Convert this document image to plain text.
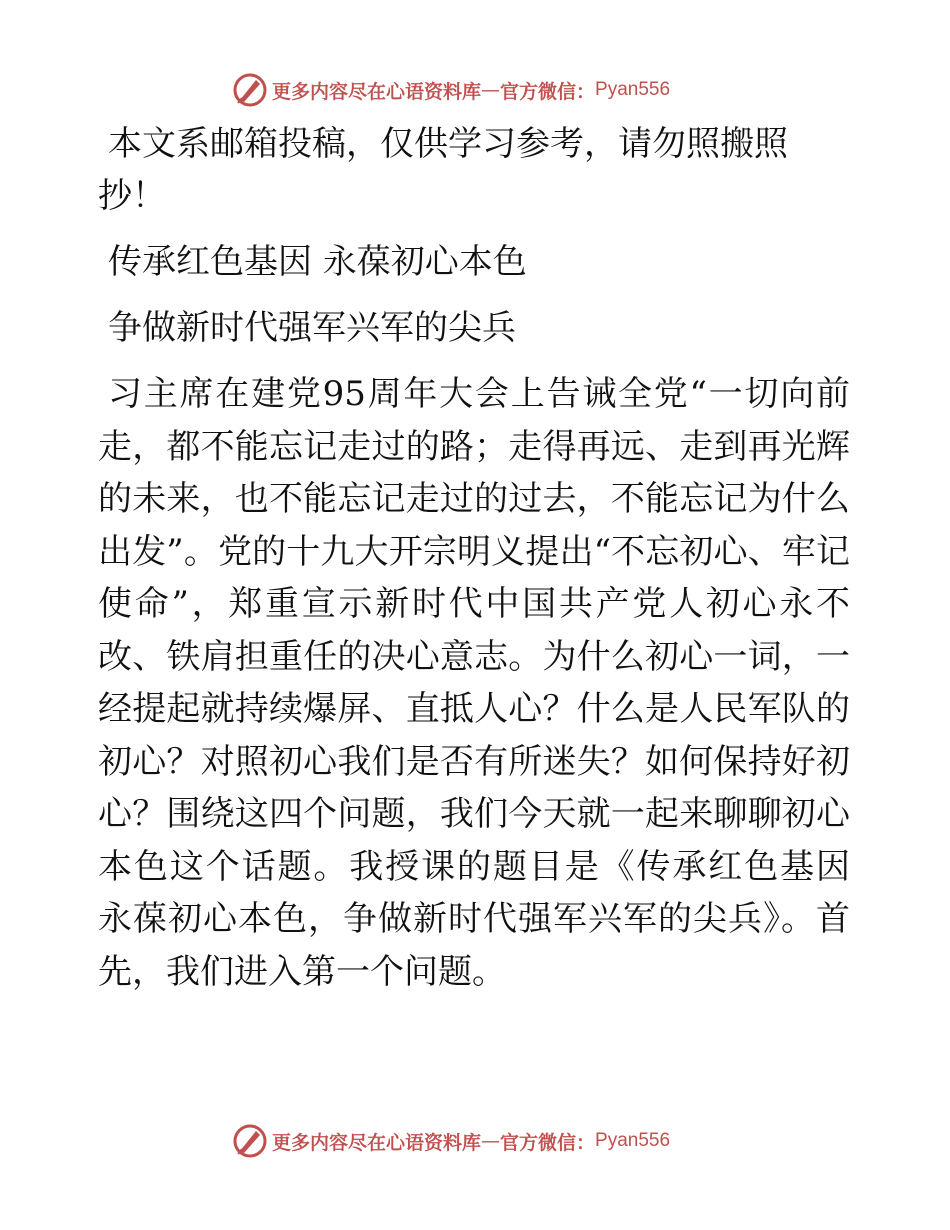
更多内容尽在心语资料库 — 官方微信： Pyan556

本文系邮箱投稿，仅供学习参考，请勿照搬照抄！

传承红色基因 永葆初心本色

争做新时代强军兴军的尖兵

习主席在建党95周年大会上告诫全党“一切向前走，都不能忘记走过的路；走得再远、走到再光辉的未来，也不能忘记走过的过去，不能忘记为什么出发”。党的十九大开宗明义提出“不忘初心、牢记使命”，郑重宣示新时代中国共产党人初心永不改、铁肩担重任的决心意志。为什么初心一词，一经提起就持续爆屏、直抵人心？什么是人民军队的初心？对照初心我们是否有所迷失？如何保持好初心？围绕这四个问题，我们今天就一起来聊聊初心本色这个话题。我授课的题目是《传承红色基因 永葆初心本色，争做新时代强军兴军的尖兵》。首先，我们进入第一个问题。

更多内容尽在心语资料库 — 官方微信： Pyan556
